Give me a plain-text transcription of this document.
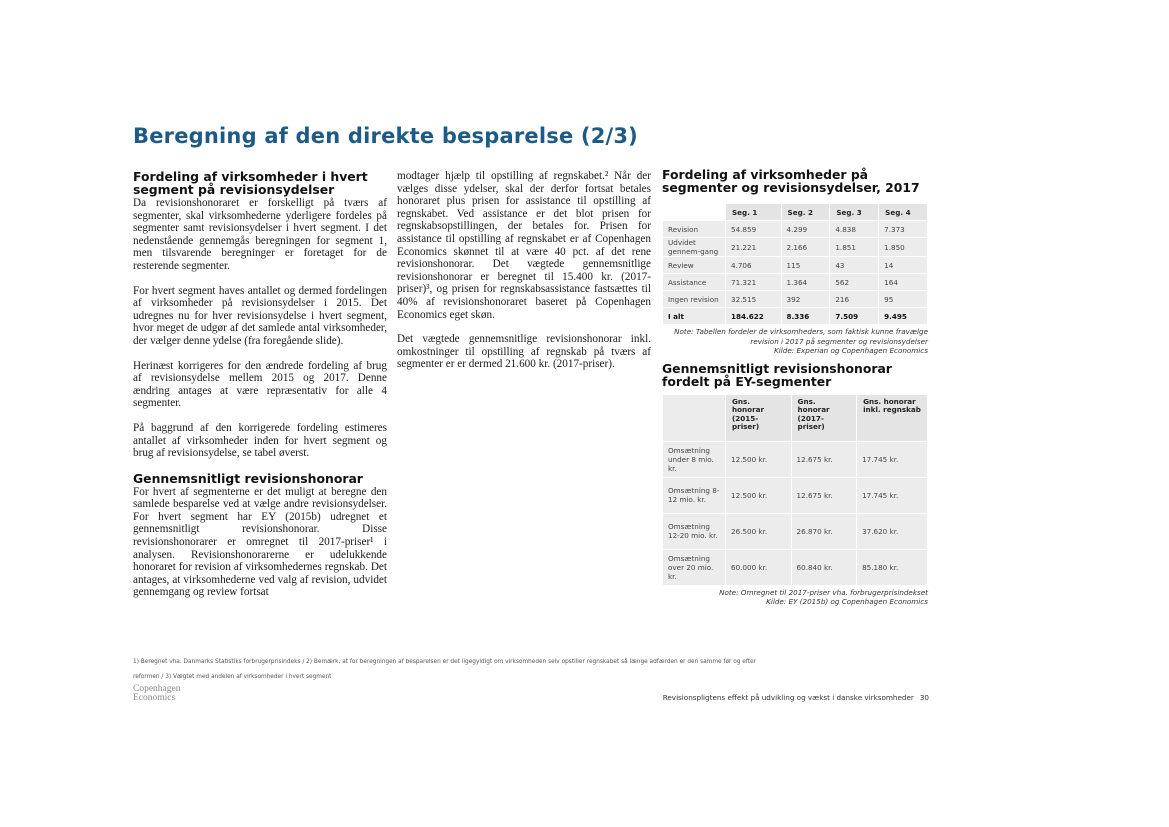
Beregning af den direkte besparelse (2/3)
Fordeling af virksomheder i hvert segment på revisionsydelser

Da revisionshonoraret er forskelligt på tværs af segmenter, skal virksomhederne yderligere fordeles på segmenter samt revisionsydelser i hvert segment. I det nedenstående gennemgås beregningen for segment 1, men tilsvarende beregninger er foretaget for de resterende segmenter.

For hvert segment haves antallet og dermed fordelingen af virksomheder på revisionsydelser i 2015. Det udregnes nu for hver revisionsydelse i hvert segment, hvor meget de udgør af det samlede antal virksomheder, der vælger denne ydelse (fra foregående slide).

Herinæst korrigeres for den ændrede fordeling af brug af revisionsydelse mellem 2015 og 2017. Denne ændring antages at være repræsentativ for alle 4 segmenter.

På baggrund af den korrigerede fordeling estimeres antallet af virksomheder inden for hvert segment og brug af revisionsydelse, se tabel øverst.

Gennemsnitligt revisionshonorar

For hvert af segmenterne er det muligt at beregne den samlede besparelse ved at vælge andre revisionsydelser. For hvert segment har EY (2015b) udregnet et gennemsnitligt revisionshonorar. Disse revisionshonorarer er omregnet til 2017-priser¹ i analysen. Revisionshonorarerne er udelukkende honoraret for revision af virksomhedernes regnskab. Det antages, at virksomhederne ved valg af revision, udvidet gennemgang og review fortsat

modtager hjælp til opstilling af regnskabet.² Når der vælges disse ydelser, skal der derfor fortsat betales honoraret plus prisen for assistance til opstilling af regnskabet. Ved assistance er det blot prisen for regnskabsopstillingen, der betales for. Prisen for assistance til opstilling af regnskabet er af Copenhagen Economics skønnet til at være 40 pct. af det rene revisionshonorar. Det vægtede gennemsnitlige revisionshonorar er beregnet til 15.400 kr. (2017-priser)³, og prisen for regnskabsassistance fastsættes til 40% af revisionshonoraret baseret på Copenhagen Economics eget skøn.

Det vægtede gennemsnitlige revisionshonorar inkl. omkostninger til opstilling af regnskab på tværs af segmenter er er dermed 21.600 kr. (2017-priser).

Fordeling af virksomheder på segmenter og revisionsydelser, 2017
	Seg. 1	Seg. 2	Seg. 3	Seg. 4
Revision	54.859	4.299	4.838	7.373
Udvidet gennem-gang	21.221	2.166	1.851	1.850
Review	4.706	115	43	14
Assistance	71.321	1.364	562	164
Ingen revision	32.515	392	216	95
I alt	184.622	8.336	7.509	9.495
Note: Tabellen fordeler de virksomheders, som faktisk kunne fravælge revision i 2017 på segmenter og revisionsydelser
Kilde: Experian og Copenhagen Economics
Gennemsnitligt revisionshonorar fordelt på EY-segmenter
	Gns. honorar (2015-priser)	Gns. honorar (2017-priser)	Gns. honorar inkl. regnskab
Omsætning under 8 mio. kr.	12.500 kr.	12.675 kr.	17.745 kr.
Omsætning 8-12 mio. kr.	12.500 kr.	12.675 kr.	17.745 kr.
Omsætning 12-20 mio. kr.	26.500 kr.	26.870 kr.	37.620 kr.
Omsætning over 20 mio. kr.	60.000 kr.	60.840 kr.	85.180 kr.
Note: Omregnet til 2017-priser vha. forbrugerprisindekset
Kilde: EY (2015b) og Copenhagen Economics
1) Beregnet vha. Danmarks Statistiks forbrugerprisindeks / 2) Bemærk, at for beregningen af besparelsen er det ligegyldigt om virksomheden selv opstiller regnskabet så længe adfærden er den samme før og efter
reformen / 3) Vægtet med andelen af virksomheder i hvert segment
Copenhagen
Economics	Revisionspligtens effekt på udvikling og vækst i danske virksomheder 30
